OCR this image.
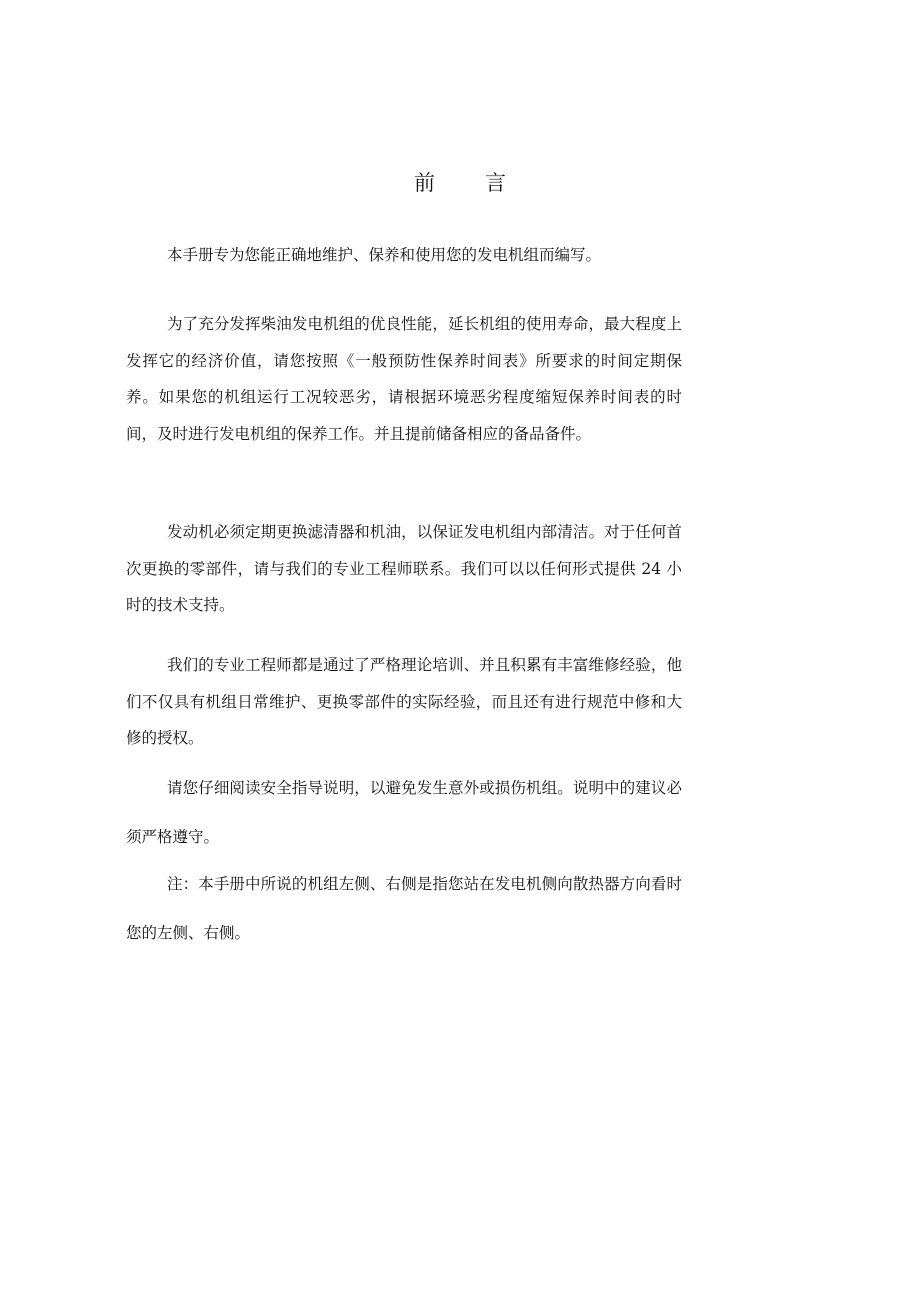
前 言

本手册专为您能正确地维护、保养和使用您的发电机组而编写。

为了充分发挥柴油发电机组的优良性能，延长机组的使用寿命，最大程度上发挥它的经济价值，请您按照《一般预防性保养时间表》所要求的时间定期保养。如果您的机组运行工况较恶劣，请根据环境恶劣程度缩短保养时间表的时间，及时进行发电机组的保养工作。并且提前储备相应的备品备件。

发动机必须定期更换滤清器和机油，以保证发电机组内部清洁。对于任何首次更换的零部件，请与我们的专业工程师联系。我们可以以任何形式提供 24 小时的技术支持。

我们的专业工程师都是通过了严格理论培训、并且积累有丰富维修经验，他们不仅具有机组日常维护、更换零部件的实际经验，而且还有进行规范中修和大修的授权。

请您仔细阅读安全指导说明，以避免发生意外或损伤机组。说明中的建议必须严格遵守。

注：本手册中所说的机组左侧、右侧是指您站在发电机侧向散热器方向看时您的左侧、右侧。
